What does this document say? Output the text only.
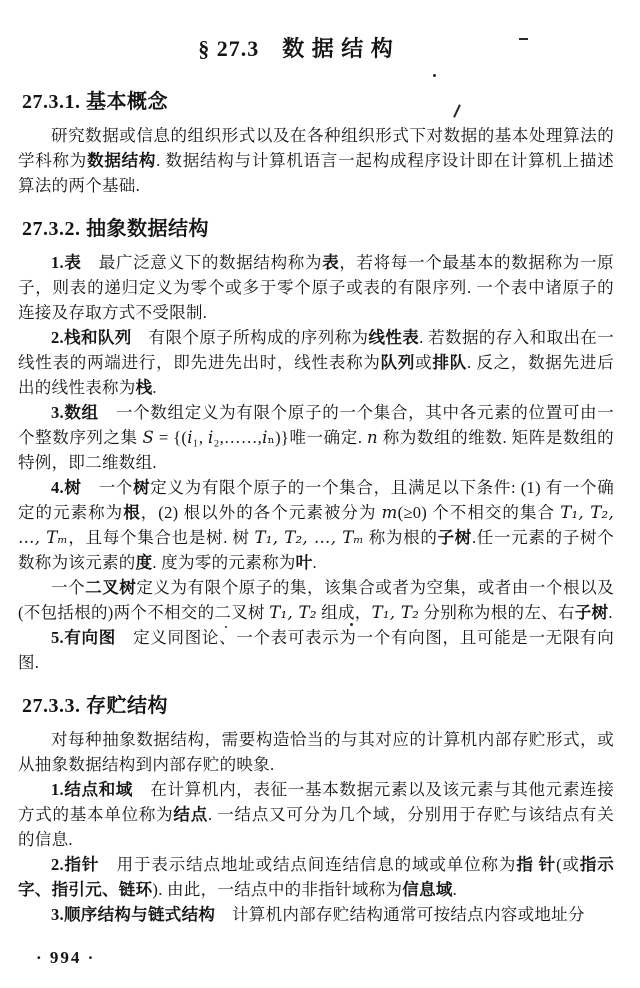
§ 27.3　数 据 结 构
27.3.1. 基本概念

研究数据或信息的组织形式以及在各种组织形式下对数据的基本处理算法的学科称为数据结构. 数据结构与计算机语言一起构成程序设计即在计算机上描述算法的两个基础.

27.3.2. 抽象数据结构

1.表　最广泛意义下的数据结构称为表，若将每一个最基本的数据称为一原子，则表的递归定义为零个或多于零个原子或表的有限序列. 一个表中诸原子的连接及存取方式不受限制.

2.栈和队列　有限个原子所构成的序列称为线性表. 若数据的存入和取出在一线性表的两端进行，即先进先出时，线性表称为队列或排队. 反之，数据先进后出的线性表称为栈.

3.数组　一个数组定义为有限个原子的一个集合，其中各元素的位置可由一个整数序列之集 S = {(i₁, i₂,……,iₙ)}唯一确定. n 称为数组的维数. 矩阵是数组的特例，即二维数组.

4.树　一个树定义为有限个原子的一个集合，且满足以下条件: (1) 有一个确定的元素称为根，(2) 根以外的各个元素被分为 m(≥0) 个不相交的集合 T₁, T₂, …, Tₘ，且每个集合也是树. 树 T₁, T₂, …, Tₘ 称为根的子树.任一元素的子树个数称为该元素的度. 度为零的元素称为叶.

一个二叉树定义为有限个原子的集，该集合或者为空集，或者由一个根以及(不包括根的)两个不相交的二叉树 T₁, T₂ 组成，T₁, T₂ 分别称为根的左、右子树.

5.有向图　定义同图论、一个表可表示为一个有向图，且可能是一无限有向图.

27.3.3. 存贮结构

对每种抽象数据结构，需要构造恰当的与其对应的计算机内部存贮形式，或从抽象数据结构到内部存贮的映象.

1.结点和域　在计算机内，表征一基本数据元素以及该元素与其他元素连接方式的基本单位称为结点. 一结点又可分为几个域，分别用于存贮与该结点有关的信息.

2.指针　用于表示结点地址或结点间连结信息的域或单位称为指 针(或指示字、指引元、链环). 由此，一结点中的非指针域称为信息域.

3.顺序结构与链式结构　计算机内部存贮结构通常可按结点内容或地址分

· 994 ·
